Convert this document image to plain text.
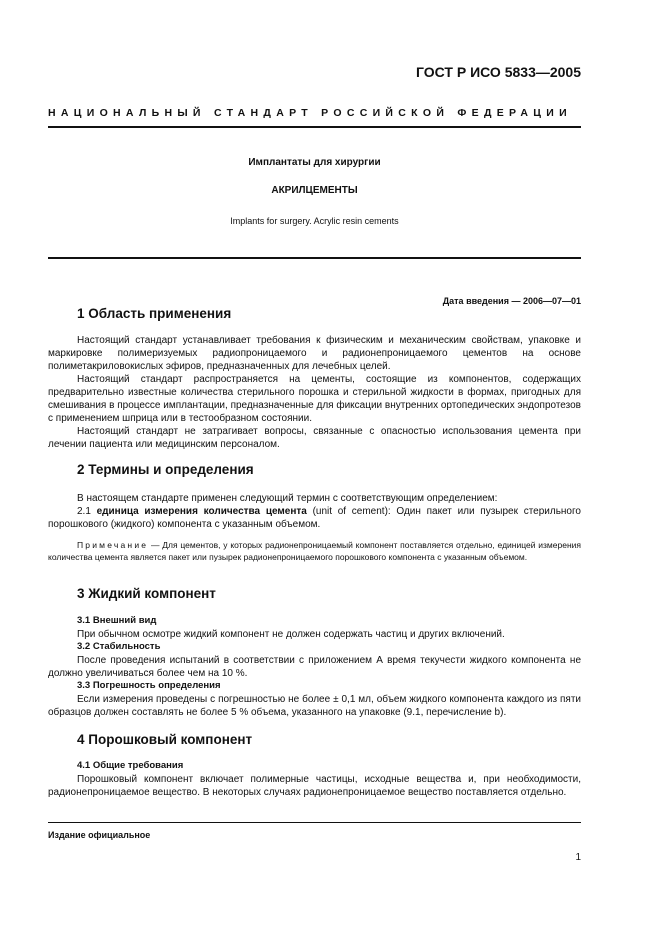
ГОСТ Р ИСО 5833—2005
НАЦИОНАЛЬНЫЙ СТАНДАРТ РОССИЙСКОЙ ФЕДЕРАЦИИ
Имплантаты для хирургии
АКРИЛЦЕМЕНТЫ
Implants for surgery. Acrylic resin cements
Дата введения — 2006—07—01
1 Область применения
Настоящий стандарт устанавливает требования к физическим и механическим свойствам, упаковке и маркировке полимеризуемых радиопроницаемого и радионепроницаемого цементов на основе полиметакриловокислых эфиров, предназначенных для лечебных целей.
Настоящий стандарт распространяется на цементы, состоящие из компонентов, содержащих предварительно известные количества стерильного порошка и стерильной жидкости в формах, пригодных для смешивания в процессе имплантации, предназначенные для фиксации внутренних ортопедических эндопротезов с применением шприца или в тестообразном состоянии.
Настоящий стандарт не затрагивает вопросы, связанные с опасностью использования цемента при лечении пациента или медицинским персоналом.
2 Термины и определения
В настоящем стандарте применен следующий термин с соответствующим определением:
2.1 единица измерения количества цемента (unit of cement): Один пакет или пузырек стерильного порошкового (жидкого) компонента с указанным объемом.
Примечание — Для цементов, у которых радионепроницаемый компонент поставляется отдельно, единицей измерения количества цемента является пакет или пузырек радионепроницаемого порошкового компонента с указанным объемом.
3 Жидкий компонент
3.1 Внешний вид
При обычном осмотре жидкий компонент не должен содержать частиц и других включений.
3.2 Стабильность
После проведения испытаний в соответствии с приложением А время текучести жидкого компонента не должно увеличиваться более чем на 10 %.
3.3 Погрешность определения
Если измерения проведены с погрешностью не более ± 0,1 мл, объем жидкого компонента каждого из пяти образцов должен составлять не более 5 % объема, указанного на упаковке (9.1, перечисление b).
4 Порошковый компонент
4.1 Общие требования
Порошковый компонент включает полимерные частицы, исходные вещества и, при необходимости, радионепроницаемое вещество. В некоторых случаях радионепроницаемое вещество поставляется отдельно.
Издание официальное
1
